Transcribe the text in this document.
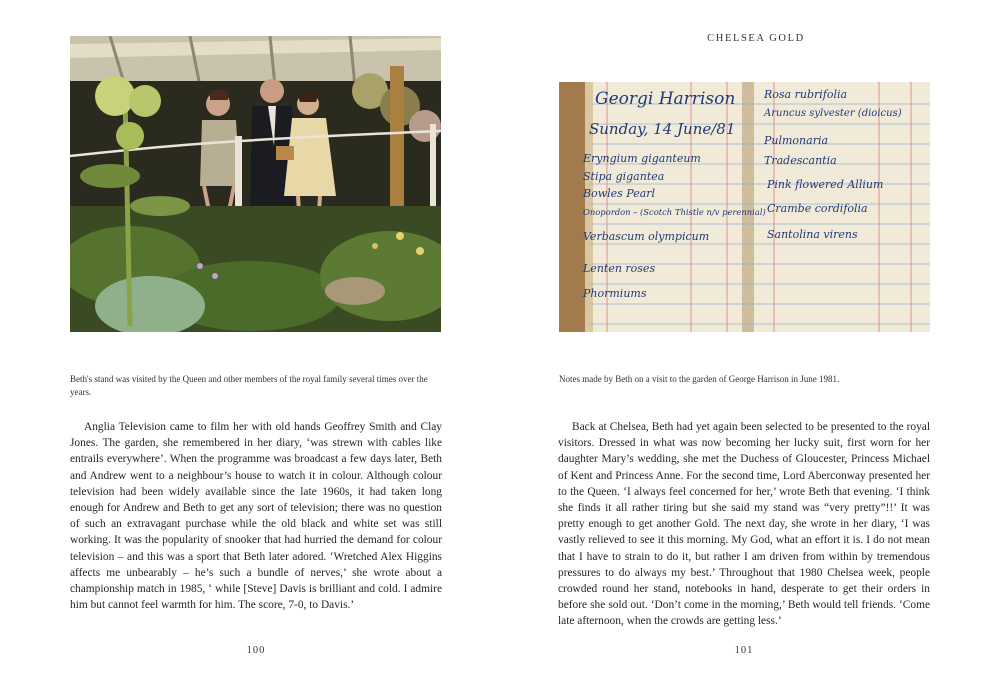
Beth's stand was visited by the Queen and other members of the royal family several times over the years.

Anglia Television came to film her with old hands Geoffrey Smith and Clay Jones. The garden, she remembered in her diary, ‘was strewn with cables like entrails everywhere’. When the programme was broadcast a few days later, Beth and Andrew went to a neighbour’s house to watch it in colour. Although colour television had been widely available since the late 1960s, it had taken long enough for Andrew and Beth to get any sort of television; there was no question of such an extravagant purchase while the old black and white set was still working. It was the popularity of snooker that had hurried the demand for colour television – and this was a sport that Beth later adored. ‘Wretched Alex Higgins affects me unbearably – he’s such a bundle of nerves,’ she wrote about a championship match in 1985, ‘ while [Steve] Davis is brilliant and cold. I admire him but cannot feel warmth for him. The score, 7-0, to Davis.’

100
CHELSEA GOLD
Georgi Harrison
Sunday, 14 June/81
Eryngium giganteum
Stipa gigantea
Bowles Pearl
Onopordon – (Scotch Thistle n/v perennial)
Verbascum olympicum
Lenten roses
Phormiums
Rosa rubrifolia
Aruncus sylvester (dioicus)
Pulmonaria
Tradescantia
Pink flowered Allium
Crambe cordifolia
Santolina virens
Notes made by Beth on a visit to the garden of George Harrison in June 1981.

Back at Chelsea, Beth had yet again been selected to be presented to the royal visitors. Dressed in what was now becoming her lucky suit, first worn for her daughter Mary’s wedding, she met the Duchess of Gloucester, Princess Michael of Kent and Princess Anne. For the second time, Lord Aberconway presented her to the Queen. ‘I always feel concerned for her,’ wrote Beth that evening. ‘I think she finds it all rather tiring but she said my stand was “very pretty”!!’ It was pretty enough to get another Gold. The next day, she wrote in her diary, ‘I was vastly relieved to see it this morning. My God, what an effort it is. I do not mean that I have to strain to do it, but rather I am driven from within by tremendous pressures to do always my best.’ Throughout that 1980 Chelsea week, people crowded round her stand, notebooks in hand, desperate to get their orders in before she sold out. ‘Don’t come in the morning,’ Beth would tell friends. ‘Come late afternoon, when the crowds are getting less.’

101
